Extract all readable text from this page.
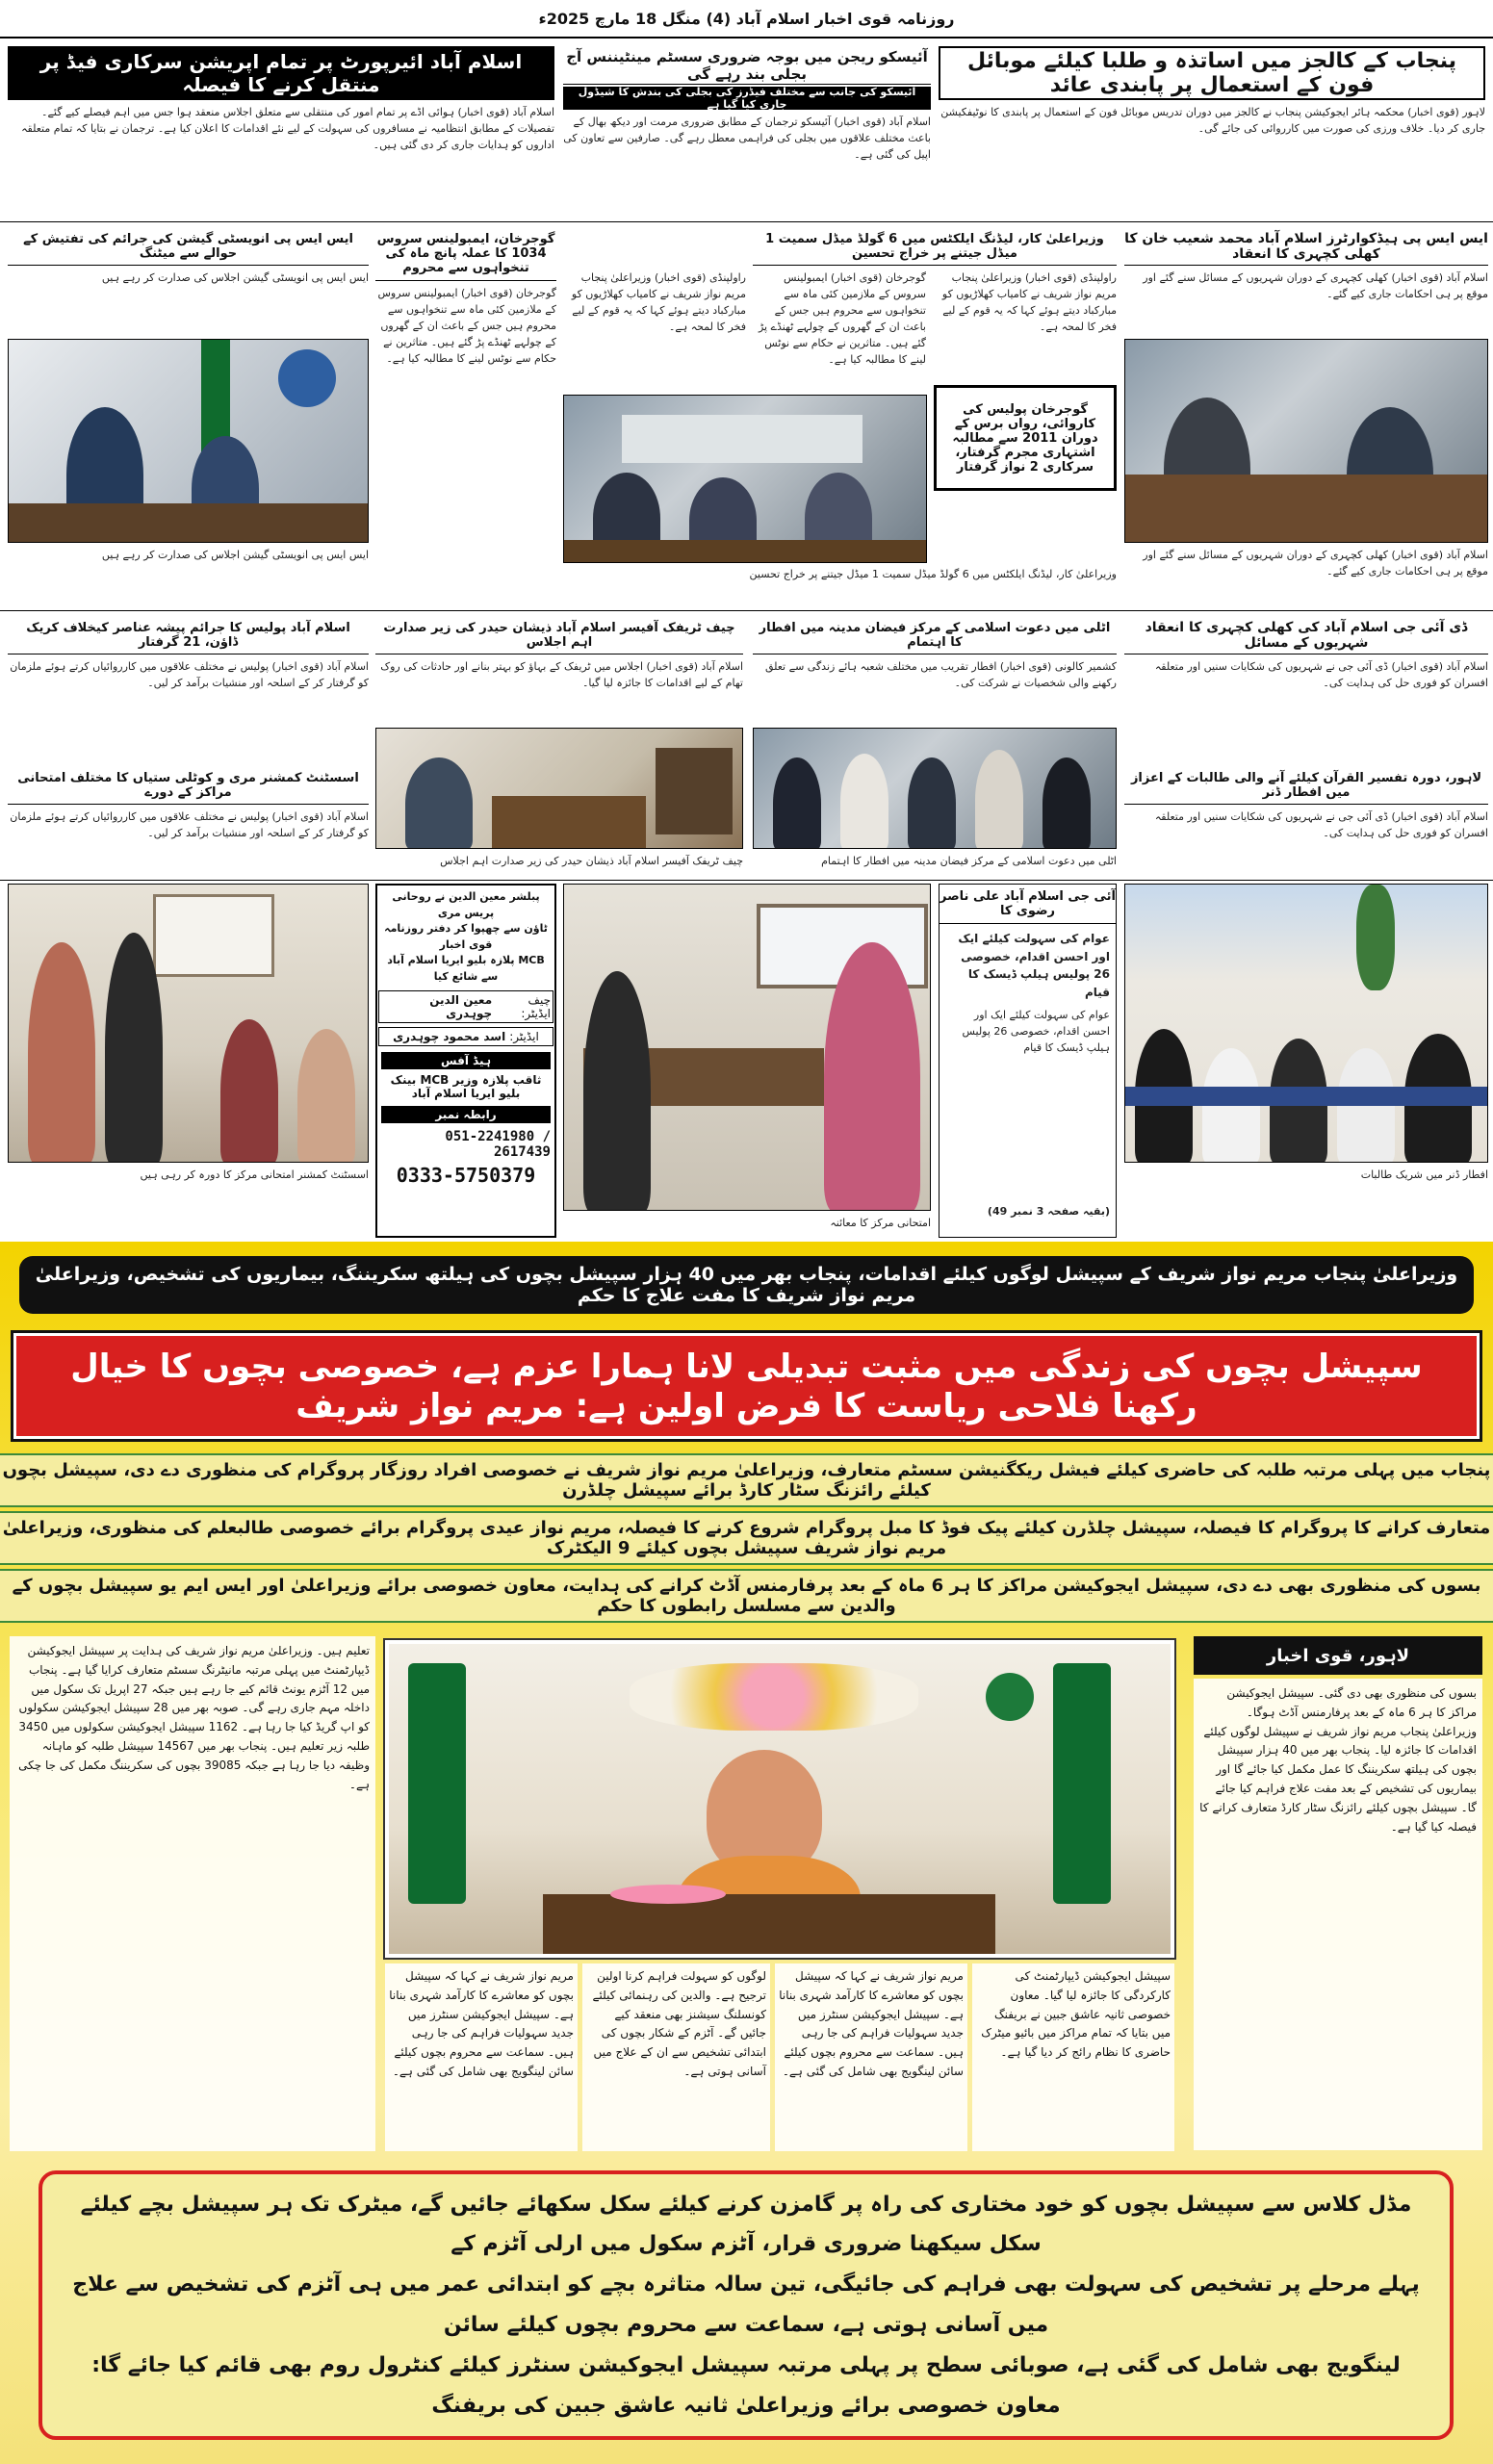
روزنامہ قوی اخبار اسلام آباد (4) منگل 18 مارچ 2025ء
پنجاب کے کالجز میں اساتذہ و طلبا کیلئے موبائل فون کے استعمال پر پابندی عائد
لاہور (قوی اخبار) محکمہ ہائر ایجوکیشن پنجاب نے کالجز میں دوران تدریس موبائل فون کے استعمال پر پابندی کا نوٹیفکیشن جاری کر دیا۔ خلاف ورزی کی صورت میں کارروائی کی جائے گی۔
آئیسکو ریجن میں بوجہ ضروری سسٹم مینٹیننس آج بجلی بند رہے گی
آئیسکو کی جانب سے مختلف فیڈرز کی بجلی کی بندش کا شیڈول جاری کیا گیا ہے
اسلام آباد (قوی اخبار) آئیسکو ترجمان کے مطابق ضروری مرمت اور دیکھ بھال کے باعث مختلف علاقوں میں بجلی کی فراہمی معطل رہے گی۔ صارفین سے تعاون کی اپیل کی گئی ہے۔
اسلام آباد ائیرپورٹ پر تمام اپریشن سرکاری فیڈ پر منتقل کرنے کا فیصلہ
اسلام آباد (قوی اخبار) ہوائی اڈے پر تمام امور کی منتقلی سے متعلق اجلاس منعقد ہوا جس میں اہم فیصلے کیے گئے۔ تفصیلات کے مطابق انتظامیہ نے مسافروں کی سہولت کے لیے نئے اقدامات کا اعلان کیا ہے۔ ترجمان نے بتایا کہ تمام متعلقہ اداروں کو ہدایات جاری کر دی گئی ہیں۔
ایس ایس پی ہیڈکوارٹرز اسلام آباد محمد شعیب خان کا کھلی کچہری کا انعقاد
اسلام آباد (قوی اخبار) کھلی کچہری کے دوران شہریوں کے مسائل سنے گئے اور موقع پر ہی احکامات جاری کیے گئے۔
اسلام آباد (قوی اخبار) کھلی کچہری کے دوران شہریوں کے مسائل سنے گئے اور موقع پر ہی احکامات جاری کیے گئے۔
وزیراعلیٰ کار، لیڈنگ ایلکٹس میں 6 گولڈ میڈل سمیت 1 میڈل جیتنے پر خراج تحسین
راولپنڈی (قوی اخبار) وزیراعلیٰ پنجاب مریم نواز شریف نے کامیاب کھلاڑیوں کو مبارکباد دیتے ہوئے کہا کہ یہ قوم کے لیے فخر کا لمحہ ہے۔
گوجرخان (قوی اخبار) ایمبولینس سروس کے ملازمین کئی ماہ سے تنخواہوں سے محروم ہیں جس کے باعث ان کے گھروں کے چولہے ٹھنڈے پڑ گئے ہیں۔ متاثرین نے حکام سے نوٹس لینے کا مطالبہ کیا ہے۔
گوجرخان پولیس کی کاروائی، رواں برس کے دوران 2011 سے مطالبہ اشتہاری مجرم گرفتار، سرکاری 2 نواز گرفتار
راولپنڈی (قوی اخبار) وزیراعلیٰ پنجاب مریم نواز شریف نے کامیاب کھلاڑیوں کو مبارکباد دیتے ہوئے کہا کہ یہ قوم کے لیے فخر کا لمحہ ہے۔
وزیراعلیٰ کار، لیڈنگ ایلکٹس میں 6 گولڈ میڈل سمیت 1 میڈل جیتنے پر خراج تحسین
گوجرخان، ایمبولینس سروس 1034 کا عملہ پانچ ماہ کی تنخواہوں سے محروم
گوجرخان (قوی اخبار) ایمبولینس سروس کے ملازمین کئی ماہ سے تنخواہوں سے محروم ہیں جس کے باعث ان کے گھروں کے چولہے ٹھنڈے پڑ گئے ہیں۔ متاثرین نے حکام سے نوٹس لینے کا مطالبہ کیا ہے۔
ایس ایس پی انویسٹی گیشن کی جرائم کی تفتیش کے حوالے سے میٹنگ
ایس ایس پی انویسٹی گیشن اجلاس کی صدارت کر رہے ہیں
ایس ایس پی انویسٹی گیشن اجلاس کی صدارت کر رہے ہیں
ڈی آئی جی اسلام آباد کی کھلی کچہری کا انعقاد شہریوں کے مسائل
اسلام آباد (قوی اخبار) ڈی آئی جی نے شہریوں کی شکایات سنیں اور متعلقہ افسران کو فوری حل کی ہدایت کی۔
لاہور، دورہ تفسیر القرآن کیلئے آنے والی طالبات کے اعزاز میں افطار ڈنر
اسلام آباد (قوی اخبار) ڈی آئی جی نے شہریوں کی شکایات سنیں اور متعلقہ افسران کو فوری حل کی ہدایت کی۔
اٹلی میں دعوت اسلامی کے مرکز فیضان مدینہ میں افطار کا اہتمام
کشمیر کالونی (قوی اخبار) افطار تقریب میں مختلف شعبہ ہائے زندگی سے تعلق رکھنے والی شخصیات نے شرکت کی۔
اٹلی میں دعوت اسلامی کے مرکز فیضان مدینہ میں افطار کا اہتمام
چیف ٹریفک آفیسر اسلام آباد ذیشان حیدر کی زیر صدارت اہم اجلاس
اسلام آباد (قوی اخبار) اجلاس میں ٹریفک کے بہاؤ کو بہتر بنانے اور حادثات کی روک تھام کے لیے اقدامات کا جائزہ لیا گیا۔
چیف ٹریفک آفیسر اسلام آباد ذیشان حیدر کی زیر صدارت اہم اجلاس
اسلام آباد پولیس کا جرائم پیشہ عناصر کیخلاف کریک ڈاؤن، 21 گرفتار
اسلام آباد (قوی اخبار) پولیس نے مختلف علاقوں میں کارروائیاں کرتے ہوئے ملزمان کو گرفتار کر کے اسلحہ اور منشیات برآمد کر لیں۔
اسسٹنٹ کمشنر مری و کوٹلی ستیاں کا مختلف امتحانی مراکز کے دورے
اسلام آباد (قوی اخبار) پولیس نے مختلف علاقوں میں کارروائیاں کرتے ہوئے ملزمان کو گرفتار کر کے اسلحہ اور منشیات برآمد کر لیں۔
افطار ڈنر میں شریک طالبات
آئی جی اسلام آباد علی ناصر رضوی کا
عوام کی سہولت کیلئے ایک اور احسن اقدام، خصوصی 26 پولیس ہیلپ ڈیسک کا قیام
عوام کی سہولت کیلئے ایک اور احسن اقدام، خصوصی 26 پولیس ہیلپ ڈیسک کا قیام
(بقیہ صفحہ 3 نمبر 49)
امتحانی مرکز کا معائنہ
پبلشر معین الدین نے روحانی پریس مری
ٹاؤن سے چھپوا کر دفتر روزنامہ قوی اخبار
MCB پلازہ بلیو ایریا اسلام آباد سے شائع کیا
چیف ایڈیٹر:
معین الدین چوہدری
ایڈیٹر:
اسد محمود چوہدری
ہیڈ آفس
ثاقب پلازہ وزیر MCB بینک
بلیو ایریا اسلام آباد
رابطہ نمبر
051-2241980 / 2617439
0333-5750379
اسسٹنٹ کمشنر امتحانی مرکز کا دورہ کر رہی ہیں
وزیراعلیٰ پنجاب مریم نواز شریف کے سپیشل لوگوں کیلئے اقدامات، پنجاب بھر میں 40 ہزار سپیشل بچوں کی ہیلتھ سکریننگ، بیماریوں کی تشخیص، وزیراعلیٰ مریم نواز شریف کا مفت علاج کا حکم
سپیشل بچوں کی زندگی میں مثبت تبدیلی لانا ہمارا عزم ہے، خصوصی بچوں کا خیال رکھنا فلاحی ریاست کا فرض اولین ہے: مریم نواز شریف
پنجاب میں پہلی مرتبہ طلبہ کی حاضری کیلئے فیشل ریکگنیشن سسٹم متعارف، وزیراعلیٰ مریم نواز شریف نے خصوصی افراد روزگار پروگرام کی منظوری دے دی، سپیشل بچوں کیلئے رائزنگ سٹار کارڈ برائے سپیشل چلڈرن
متعارف کرانے کا پروگرام کا فیصلہ، سپیشل چلڈرن کیلئے پیک فوڈ کا مبل پروگرام شروع کرنے کا فیصلہ، مریم نواز عیدی پروگرام برائے خصوصی طالبعلم کی منظوری، وزیراعلیٰ مریم نواز شریف سپیشل بچوں کیلئے 9 الیکٹرک
بسوں کی منظوری بھی دے دی، سپیشل ایجوکیشن مراکز کا ہر 6 ماہ کے بعد پرفارمنس آڈٹ کرانے کی ہدایت، معاون خصوصی برائے وزیراعلیٰ اور ایس ایم یو سپیشل بچوں کے والدین سے مسلسل رابطوں کا حکم
لاہور، قوی اخبار
بسوں کی منظوری بھی دی گئی۔ سپیشل ایجوکیشن مراکز کا ہر 6 ماہ کے بعد پرفارمنس آڈٹ ہوگا۔ وزیراعلیٰ پنجاب مریم نواز شریف نے سپیشل لوگوں کیلئے اقدامات کا جائزہ لیا۔ پنجاب بھر میں 40 ہزار سپیشل بچوں کی ہیلتھ سکریننگ کا عمل مکمل کیا جائے گا اور بیماریوں کی تشخیص کے بعد مفت علاج فراہم کیا جائے گا۔ سپیشل بچوں کیلئے رائزنگ سٹار کارڈ متعارف کرانے کا فیصلہ کیا گیا ہے۔
سپیشل ایجوکیشن ڈیپارٹمنٹ کی کارکردگی کا جائزہ لیا گیا۔ معاون خصوصی ثانیہ عاشق جبین نے بریفنگ میں بتایا کہ تمام مراکز میں بائیو میٹرک حاضری کا نظام رائج کر دیا گیا ہے۔
مریم نواز شریف نے کہا کہ سپیشل بچوں کو معاشرے کا کارآمد شہری بنانا ہے۔ سپیشل ایجوکیشن سنٹرز میں جدید سہولیات فراہم کی جا رہی ہیں۔ سماعت سے محروم بچوں کیلئے سائن لینگویج بھی شامل کی گئی ہے۔
لوگوں کو سہولت فراہم کرنا اولین ترجیح ہے۔ والدین کی رہنمائی کیلئے کونسلنگ سیشنز بھی منعقد کیے جائیں گے۔ آٹزم کے شکار بچوں کی ابتدائی تشخیص سے ان کے علاج میں آسانی ہوتی ہے۔
مریم نواز شریف نے کہا کہ سپیشل بچوں کو معاشرے کا کارآمد شہری بنانا ہے۔ سپیشل ایجوکیشن سنٹرز میں جدید سہولیات فراہم کی جا رہی ہیں۔ سماعت سے محروم بچوں کیلئے سائن لینگویج بھی شامل کی گئی ہے۔
تعلیم ہیں۔ وزیراعلیٰ مریم نواز شریف کی ہدایت پر سپیشل ایجوکیشن ڈیپارٹمنٹ میں پہلی مرتبہ مانیٹرنگ سسٹم متعارف کرایا گیا ہے۔ پنجاب میں 12 آٹزم یونٹ قائم کیے جا رہے ہیں جبکہ 27 اپریل تک سکول میں داخلہ مہم جاری رہے گی۔ صوبہ بھر میں 28 سپیشل ایجوکیشن سکولوں کو اپ گریڈ کیا جا رہا ہے۔ 1162 سپیشل ایجوکیشن سکولوں میں 3450 طلبہ زیر تعلیم ہیں۔ پنجاب بھر میں 14567 سپیشل طلبہ کو ماہانہ وظیفہ دیا جا رہا ہے جبکہ 39085 بچوں کی سکریننگ مکمل کی جا چکی ہے۔
مڈل کلاس سے سپیشل بچوں کو خود مختاری کی راہ پر گامزن کرنے کیلئے سکل سکھائے جائیں گے، میٹرک تک ہر سپیشل بچے کیلئے سکل سیکھنا ضروری قرار، آٹزم سکول میں ارلی آٹزم کے
پہلے مرحلے پر تشخیص کی سہولت بھی فراہم کی جائیگی، تین سالہ متاثرہ بچے کو ابتدائی عمر میں ہی آٹزم کی تشخیص سے علاج میں آسانی ہوتی ہے، سماعت سے محروم بچوں کیلئے سائن
لینگویج بھی شامل کی گئی ہے، صوبائی سطح پر پہلی مرتبہ سپیشل ایجوکیشن سنٹرز کیلئے کنٹرول روم بھی قائم کیا جائے گا: معاون خصوصی برائے وزیراعلیٰ ثانیہ عاشق جبین کی بریفنگ
